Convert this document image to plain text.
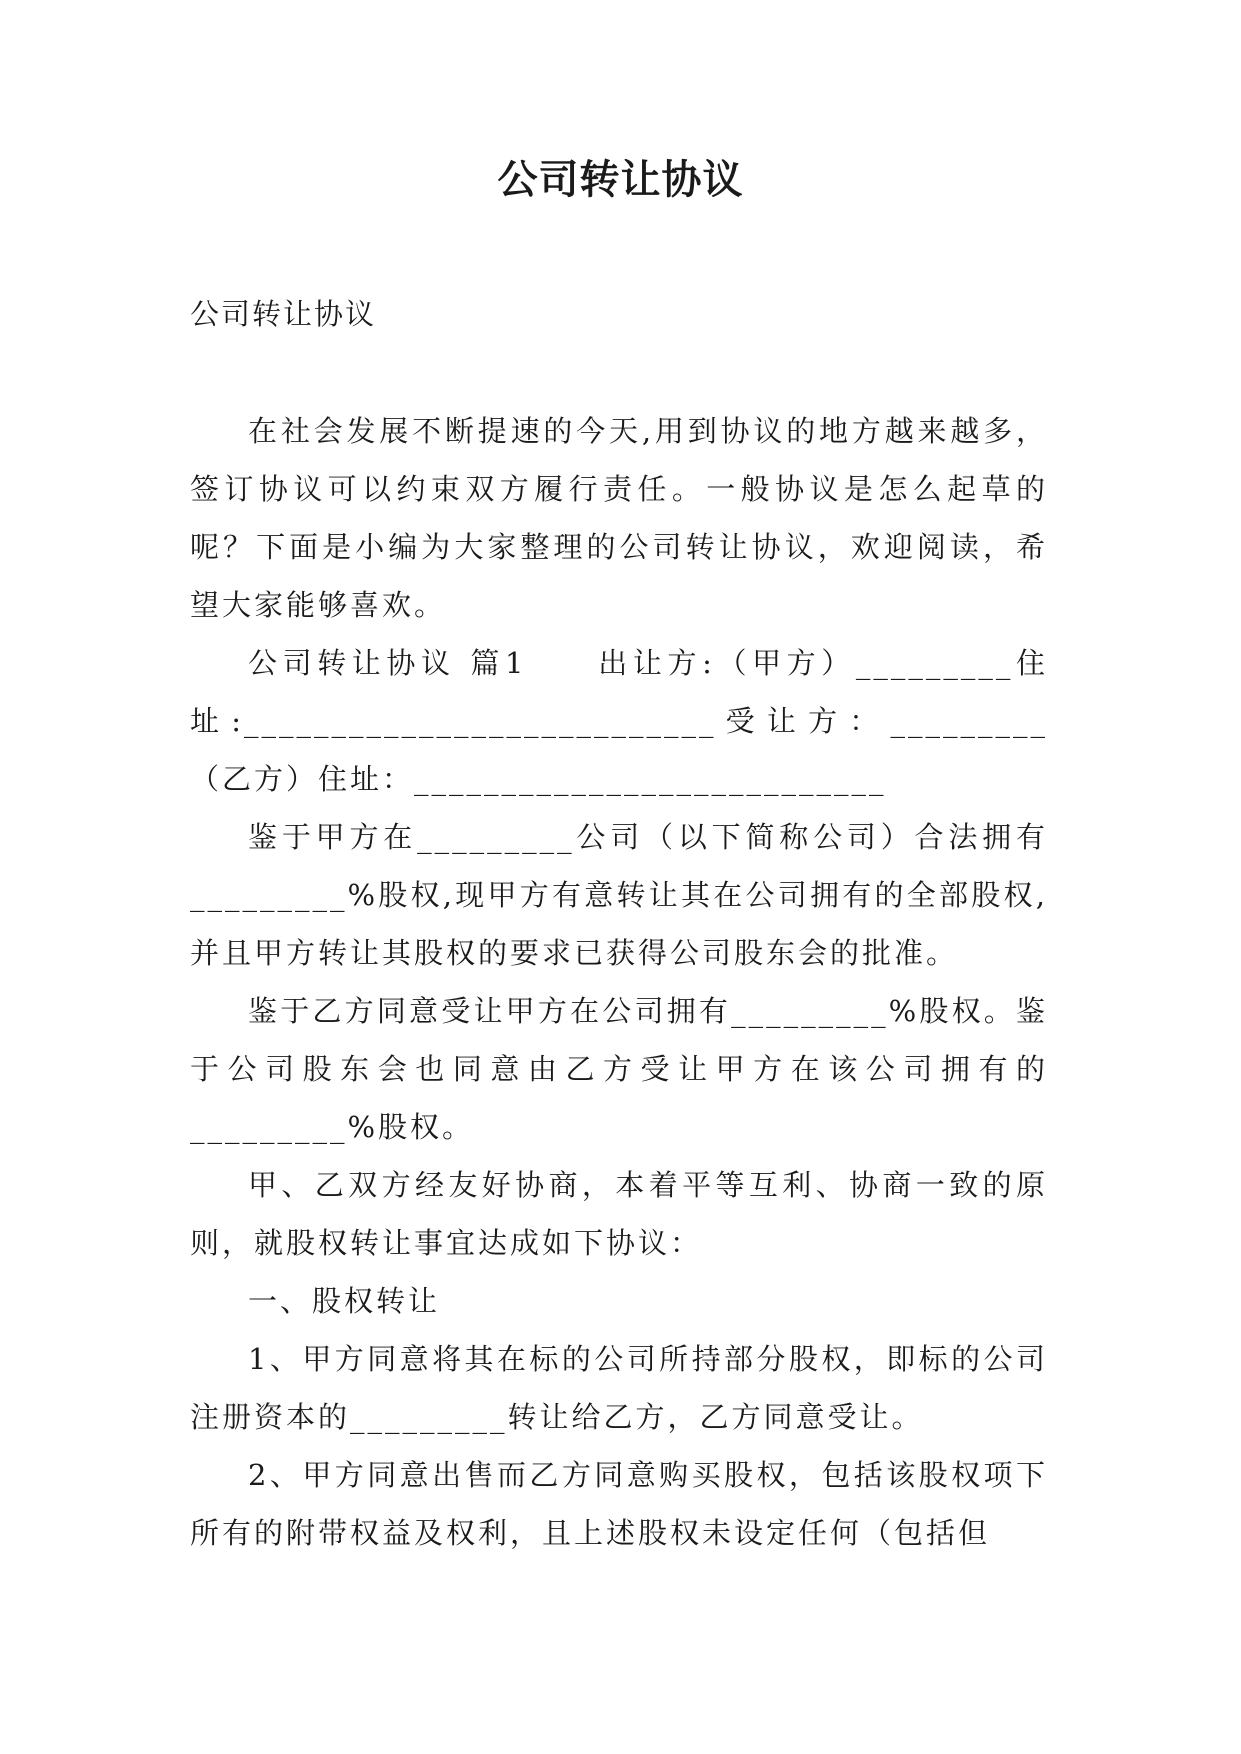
公司转让协议
公司转让协议

在社会发展不断提速的今天,用到协议的地方越来越多，签订协议可以约束双方履行责任。一般协议是怎么起草的呢？下面是小编为大家整理的公司转让协议，欢迎阅读，希望大家能够喜欢。

公司转让协议 篇1　　出让方:（甲方）_________住址:___________________________受让方：_________（乙方）住址：___________________________

鉴于甲方在_________公司（以下简称公司）合法拥有_________%股权,现甲方有意转让其在公司拥有的全部股权,并且甲方转让其股权的要求已获得公司股东会的批准。

鉴于乙方同意受让甲方在公司拥有_________%股权。鉴于公司股东会也同意由乙方受让甲方在该公司拥有的_________%股权。

甲、乙双方经友好协商，本着平等互利、协商一致的原则，就股权转让事宜达成如下协议：

一、股权转让

1、甲方同意将其在标的公司所持部分股权，即标的公司注册资本的_________转让给乙方，乙方同意受让。

2、甲方同意出售而乙方同意购买股权，包括该股权项下所有的附带权益及权利，且上述股权未设定任何（包括但
